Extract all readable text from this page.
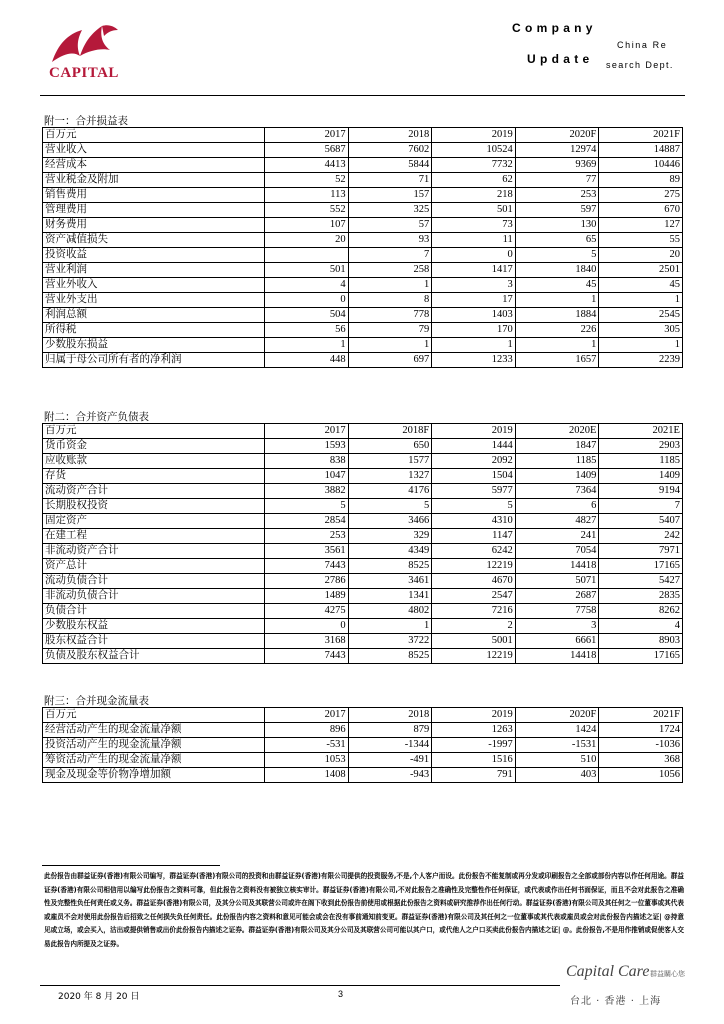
CAPITAL
Company
China Re
Update search Dept.
附一：合并损益表
百万元	2017	2018	2019	2020F	2021F
营业收入	5687	7602	10524	12974	14887
经营成本	4413	5844	7732	9369	10446
营业税金及附加	52	71	62	77	89
销售费用	113	157	218	253	275
管理费用	552	325	501	597	670
财务费用	107	57	73	130	127
资产减值损失	20	93	11	65	55
投资收益		7	0	5	20
营业利润	501	258	1417	1840	2501
营业外收入	4	1	3	45	45
营业外支出	0	8	17	1	1
利润总额	504	778	1403	1884	2545
所得税	56	79	170	226	305
少数股东损益	1	1	1	1	1
归属于母公司所有者的净利润	448	697	1233	1657	2239
附二：合并资产负债表
百万元	2017	2018F	2019	2020E	2021E
货币资金	1593	650	1444	1847	2903
应收账款	838	1577	2092	1185	1185
存货	1047	1327	1504	1409	1409
流动资产合计	3882	4176	5977	7364	9194
长期股权投资	5	5	5	6	7
固定资产	2854	3466	4310	4827	5407
在建工程	253	329	1147	241	242
非流动资产合计	3561	4349	6242	7054	7971
资产总计	7443	8525	12219	14418	17165
流动负债合计	2786	3461	4670	5071	5427
非流动负债合计	1489	1341	2547	2687	2835
负债合计	4275	4802	7216	7758	8262
少数股东权益	0	1	2	3	4
股东权益合计	3168	3722	5001	6661	8903
负债及股东权益合计	7443	8525	12219	14418	17165
附三：合并现金流量表
百万元	2017	2018	2019	2020F	2021F
经营活动产生的现金流量净额	896	879	1263	1424	1724
投资活动产生的现金流量净额	-531	-1344	-1997	-1531	-1036
筹资活动产生的现金流量净额	1053	-491	1516	510	368
现金及现金等价物净增加额	1408	-943	791	403	1056
此份报告由群益证券(香港)有限公司编写，群益证券(香港)有限公司的投资和由群益证券(香港)有限公司提供的投资服务,不是,个人客户而设。此份报告不能复制或再分发或印刷报告之全部或部份内容以作任何用途。群益证券(香港)有限公司相信用以编写此份报告之资料可靠，但此报告之资料没有被独立核实审计。群益证券(香港)有限公司,不对此报告之准确性及完整性作任何保证，或代表或作出任何书面保证，而且不会对此报告之准确性及完整性负任何责任或义务。群益证券(香港)有限公司，及其分公司及其联营公司或许在阁下收到此份报告前使用或根据此份报告之资料或研究推荐作出任何行动。群益证券(香港)有限公司及其任何之一位董事或其代表或雇员不会对使用此份报告后招致之任何损失负任何责任。此份报告内容之资料和意见可能会或会在没有事前通知前变更。群益证券(香港)有限公司及其任何之一位董事或其代表或雇员或会对此份报告内描述之证| @持意见或立场，或会买入，沽出或提供销售或出价此份报告内描述之证券。群益证券(香港)有限公司及其分公司及其联营公司可能以其户口，或代他人之户口买卖此份报告内描述之证| @。此份报告,不是用作推销或促使客人交易此报告内所提及之证券。
Capital Care 群益關心您
台北 · 香港 · 上海
2020 年 8 月 20 日	3
